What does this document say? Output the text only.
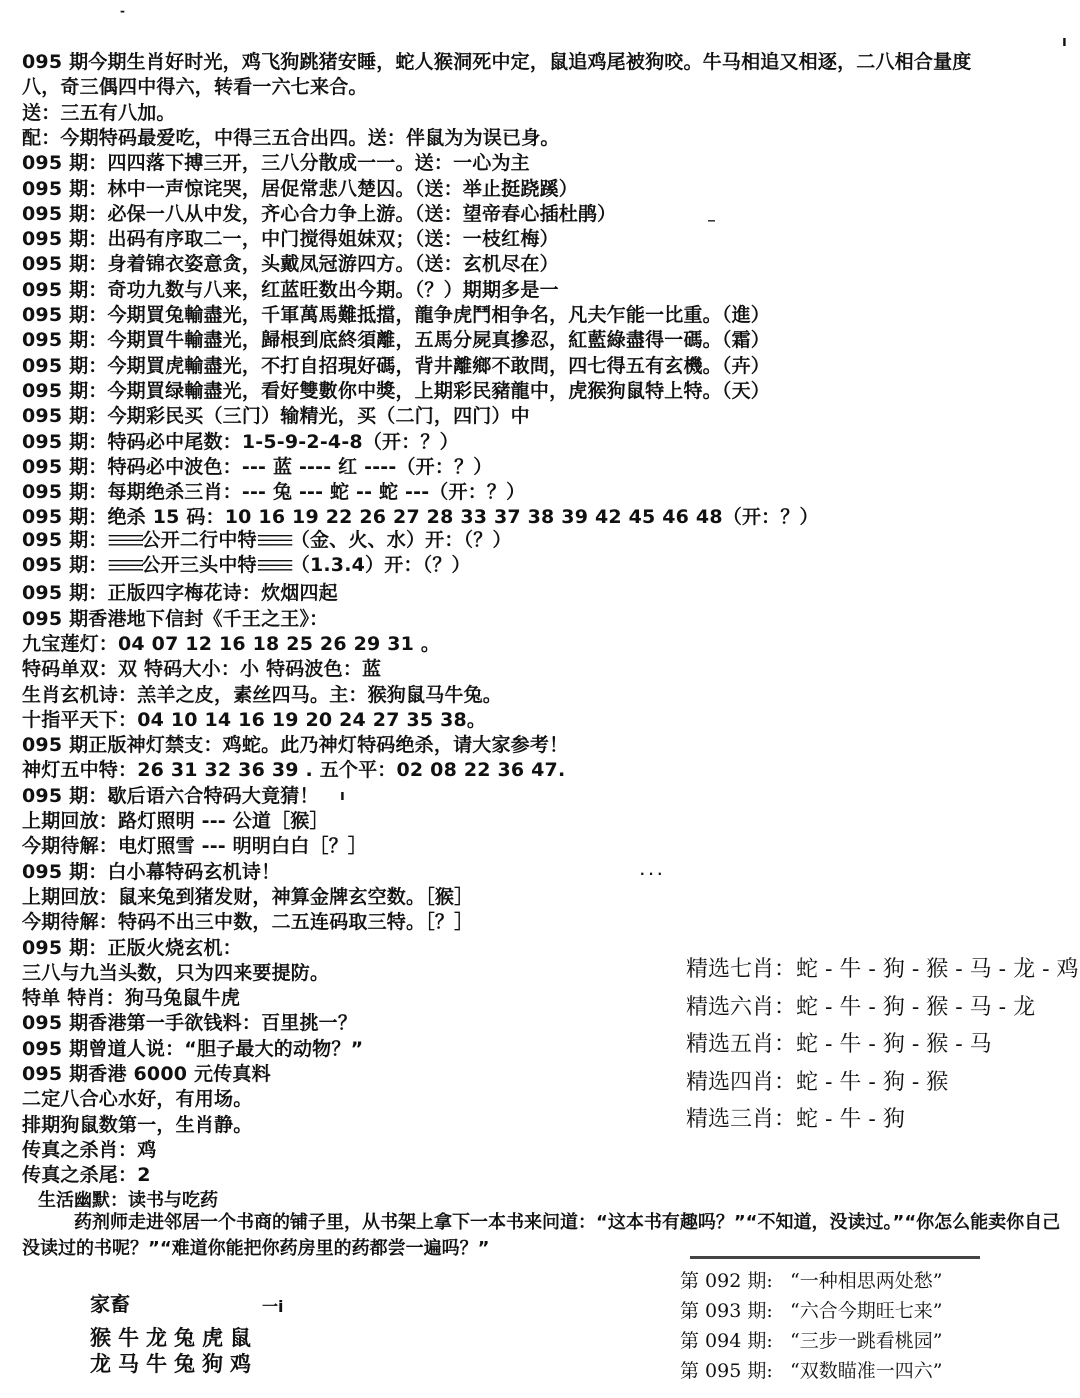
095 期今期生肖好时光，鸡飞狗跳猪安睡，蛇人猴洞死中定，鼠追鸡尾被狗咬。牛马相追又相逐，二八相合量度
八，奇三偶四中得六，转看一六七来合。
送：三五有八加。
配：今期特码最爱吃，中得三五合出四。送：伴鼠为为误已身。
095 期：四四落下搏三开，三八分散成一一。送：一心为主
095 期：林中一声惊诧哭，居促常悲八楚囚。（送：举止挺跷蹊）
095 期：必保一八从中发，齐心合力争上游。（送：望帝春心插杜鹃）
095 期：出码有序取二一，中门搅得姐妹双；（送：一枝红梅）
095 期：身着锦衣姿意贪，头戴凤冠游四方。（送：玄机尽在）
095 期：奇功九数与八来，红蓝旺数出今期。（？）期期多是一
095 期：今期買兔輸盡光，千軍萬馬難抵擋，龍争虎鬥相争名，凡夫乍能一比重。（進）
095 期：今期買牛輸盡光，歸根到底終須離，五馬分屍真摻忍，紅藍綠盡得一碼。（霜）
095 期：今期買虎輸盡光，不打自招現好碼，背井離鄉不敢問，四七得五有玄機。（卉）
095 期：今期買绿輸盡光，看好雙數你中獎，上期彩民豬龍中，虎猴狗鼠特上特。（天）
095 期：今期彩民买（三门）输精光，买（二门，四门）中
095 期：特码必中尾数：1-5-9-2-4-8（开：？）
095 期：特码必中波色：--- 蓝 ---- 红 ----（开：？）
095 期：每期绝杀三肖：--- 兔 --- 蛇 -- 蛇 ---（开：？）
095 期：绝杀 15 码：10 16 19 22 26 27 28 33 37 38 39 42 45 46 48（开：？）
095 期：正版四字梅花诗：炊烟四起
095 期香港地下信封《千王之王》：
九宝莲灯：04 07 12 16 18 25 26 29 31 。
特码单双：双 特码大小：小 特码波色：蓝
生肖玄机诗：羔羊之皮，素丝四马。主：猴狗鼠马牛兔。
十指平天下：04 10 14 16 19 20 24 27 35 38。
095 期正版神灯禁支：鸡蛇。此乃神灯特码绝杀，请大家参考！
神灯五中特：26 31 32 36 39 . 五个平：02 08 22 36 47.
095 期：歇后语六合特码大竟猜！
上期回放：路灯照明 --- 公道［猴］
今期待解：电灯照雪 --- 明明白白［？］
095 期：白小幕特码玄机诗！
上期回放：鼠来兔到猪发财，神算金牌玄空数。［猴］
今期待解：特码不出三中数，二五连码取三特。［？］
095 期：正版火烧玄机：
三八与九当头数，只为四来要提防。
特单 特肖：狗马兔鼠牛虎
095 期香港第一手欲钱料：百里挑一？
095 期曾道人说：“胆子最大的动物？”
095 期香港 6000 元传真料
二定八合心水好，有用场。
排期狗鼠数第一，生肖静。
传真之杀肖：鸡
传真之杀尾：2
095 期：☰☰☰公开二行中特☰☰☰（金、火、水）开：（？）
095 期：☰☰☰公开三头中特☰☰☰（1.3.4）开：（？）
精选七肖：蛇 - 牛 - 狗 - 猴 - 马 - 龙 - 鸡
精选六肖：蛇 - 牛 - 狗 - 猴 - 马 - 龙
精选五肖：蛇 - 牛 - 狗 - 猴 - 马
精选四肖：蛇 - 牛 - 狗 - 猴
精选三肖：蛇 - 牛 - 狗
生活幽默：读书与吃药
药剂师走进邻居一个书商的铺子里，从书架上拿下一本书来问道：“这本书有趣吗？”“不知道，没读过。”“你怎么能卖你自己没读过的书呢？”“难道你能把你药房里的药都尝一遍吗？”
家畜
猴牛龙兔虎鼠
龙马牛兔狗鸡
一i
第 092 期: “一种相思两处愁”
第 093 期: “六合今期旺七来”
第 094 期: “三步一跳看桃园”
第 095 期: “双数瞄准一四六”
-
ı
. . .
_
ı
